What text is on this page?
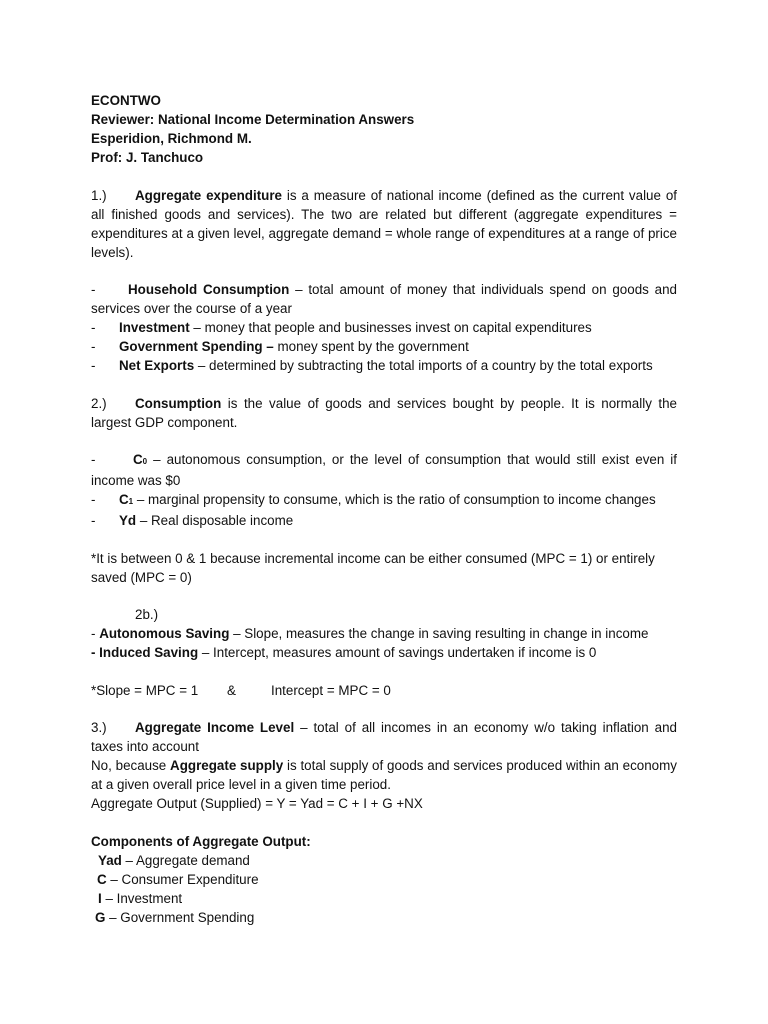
ECONTWO

Reviewer: National Income Determination Answers

Esperidion, Richmond M.

Prof: J. Tanchuco

1.) Aggregate expenditure is a measure of national income (defined as the current value of all finished goods and services). The two are related but different (aggregate expenditures = expenditures at a given level, aggregate demand = whole range of expenditures at a range of price levels).

- Household Consumption – total amount of money that individuals spend on goods and services over the course of a year

- Investment – money that people and businesses invest on capital expenditures

- Government Spending – money spent by the government

- Net Exports – determined by subtracting the total imports of a country by the total exports

2.) Consumption is the value of goods and services bought by people. It is normally the largest GDP component.

-	C0 – autonomous consumption, or the level of consumption that would still exist even if income was $0

- C1 – marginal propensity to consume, which is the ratio of consumption to income changes

- Yd – Real disposable income

*It is between 0 & 1 because incremental income can be either consumed (MPC = 1) or entirely saved (MPC = 0)

2b.)

- Autonomous Saving – Slope, measures the change in saving resulting in change in income

- Induced Saving – Intercept, measures amount of savings undertaken if income is 0

*Slope = MPC = 1 &	Intercept = MPC = 0

3.) Aggregate Income Level – total of all incomes in an economy w/o taking inflation and taxes into account

No, because Aggregate supply is total supply of goods and services produced within an economy at a given overall price level in a given time period.

Aggregate Output (Supplied) = Y = Yad = C + I + G +NX

Components of Aggregate Output:

Yad – Aggregate demand

C – Consumer Expenditure

I – Investment

G – Government Spending
